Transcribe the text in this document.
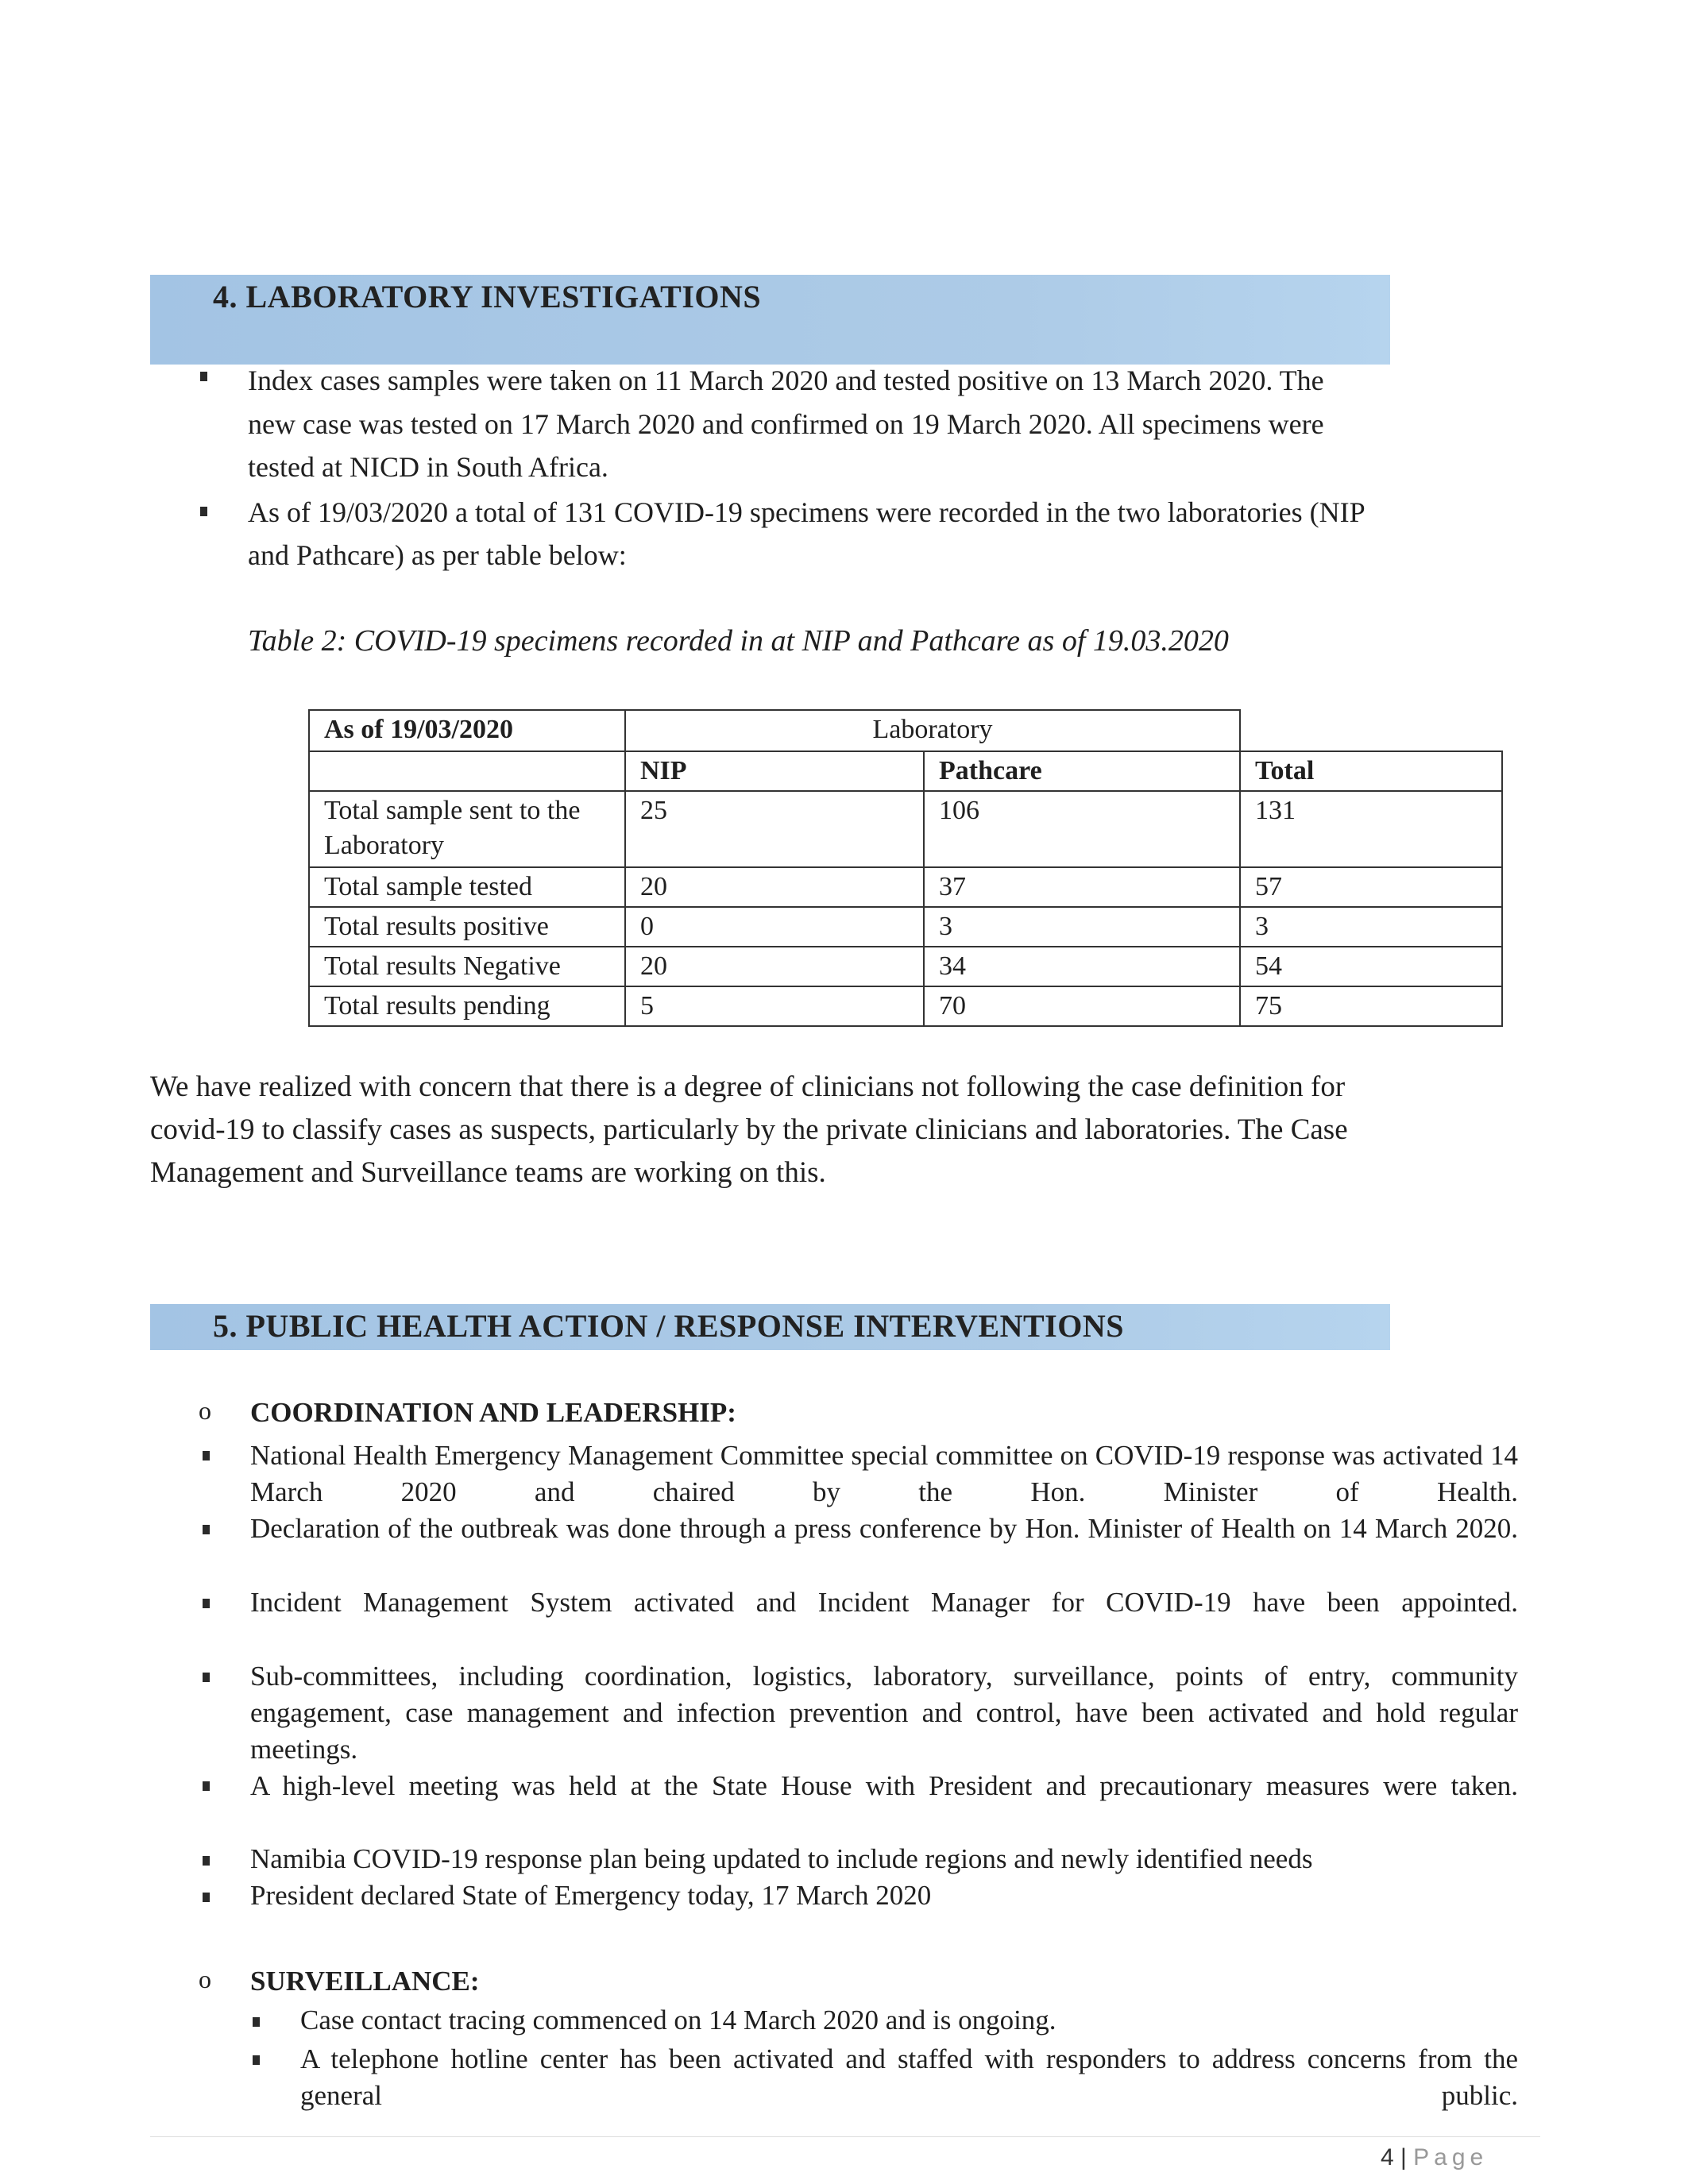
4. LABORATORY INVESTIGATIONS
Index cases samples were taken on 11 March 2020 and tested positive on 13 March 2020. The
new case was tested on 17 March 2020 and confirmed on 19 March 2020. All specimens were
tested at NICD in South Africa.
As of 19/03/2020 a total of 131 COVID-19 specimens were recorded in the two laboratories (NIP
and Pathcare) as per table below:
Table 2: COVID-19 specimens recorded in at NIP and Pathcare as of 19.03.2020
As of 19/03/2020	Laboratory		
	NIP	Pathcare	Total
Total sample sent to the Laboratory	25	106	131
Total sample tested	20	37	57
Total results positive	0	3	3
Total results Negative	20	34	54
Total results pending	5	70	75
We have realized with concern that there is a degree of clinicians not following the case definition for
covid-19 to classify cases as suspects, particularly by the private clinicians and laboratories. The Case
Management and Surveillance teams are working on this.
5. PUBLIC HEALTH ACTION / RESPONSE INTERVENTIONS
o COORDINATION AND LEADERSHIP:
National Health Emergency Management Committee special committee on COVID-19 response was activated 14 March 2020 and chaired by the Hon. Minister of Health.
Declaration of the outbreak was done through a press conference by Hon. Minister of Health on 14 March 2020.
Incident Management System activated and Incident Manager for COVID-19 have been appointed.
Sub-committees, including coordination, logistics, laboratory, surveillance, points of entry, community engagement, case management and infection prevention and control, have been activated and hold regular meetings.
A high-level meeting was held at the State House with President and precautionary measures were taken.
Namibia COVID-19 response plan being updated to include regions and newly identified needs
President declared State of Emergency today, 17 March 2020
o SURVEILLANCE:
Case contact tracing commenced on 14 March 2020 and is ongoing.
A telephone hotline center has been activated and staffed with responders to address concerns from the general public.
4 | Page
